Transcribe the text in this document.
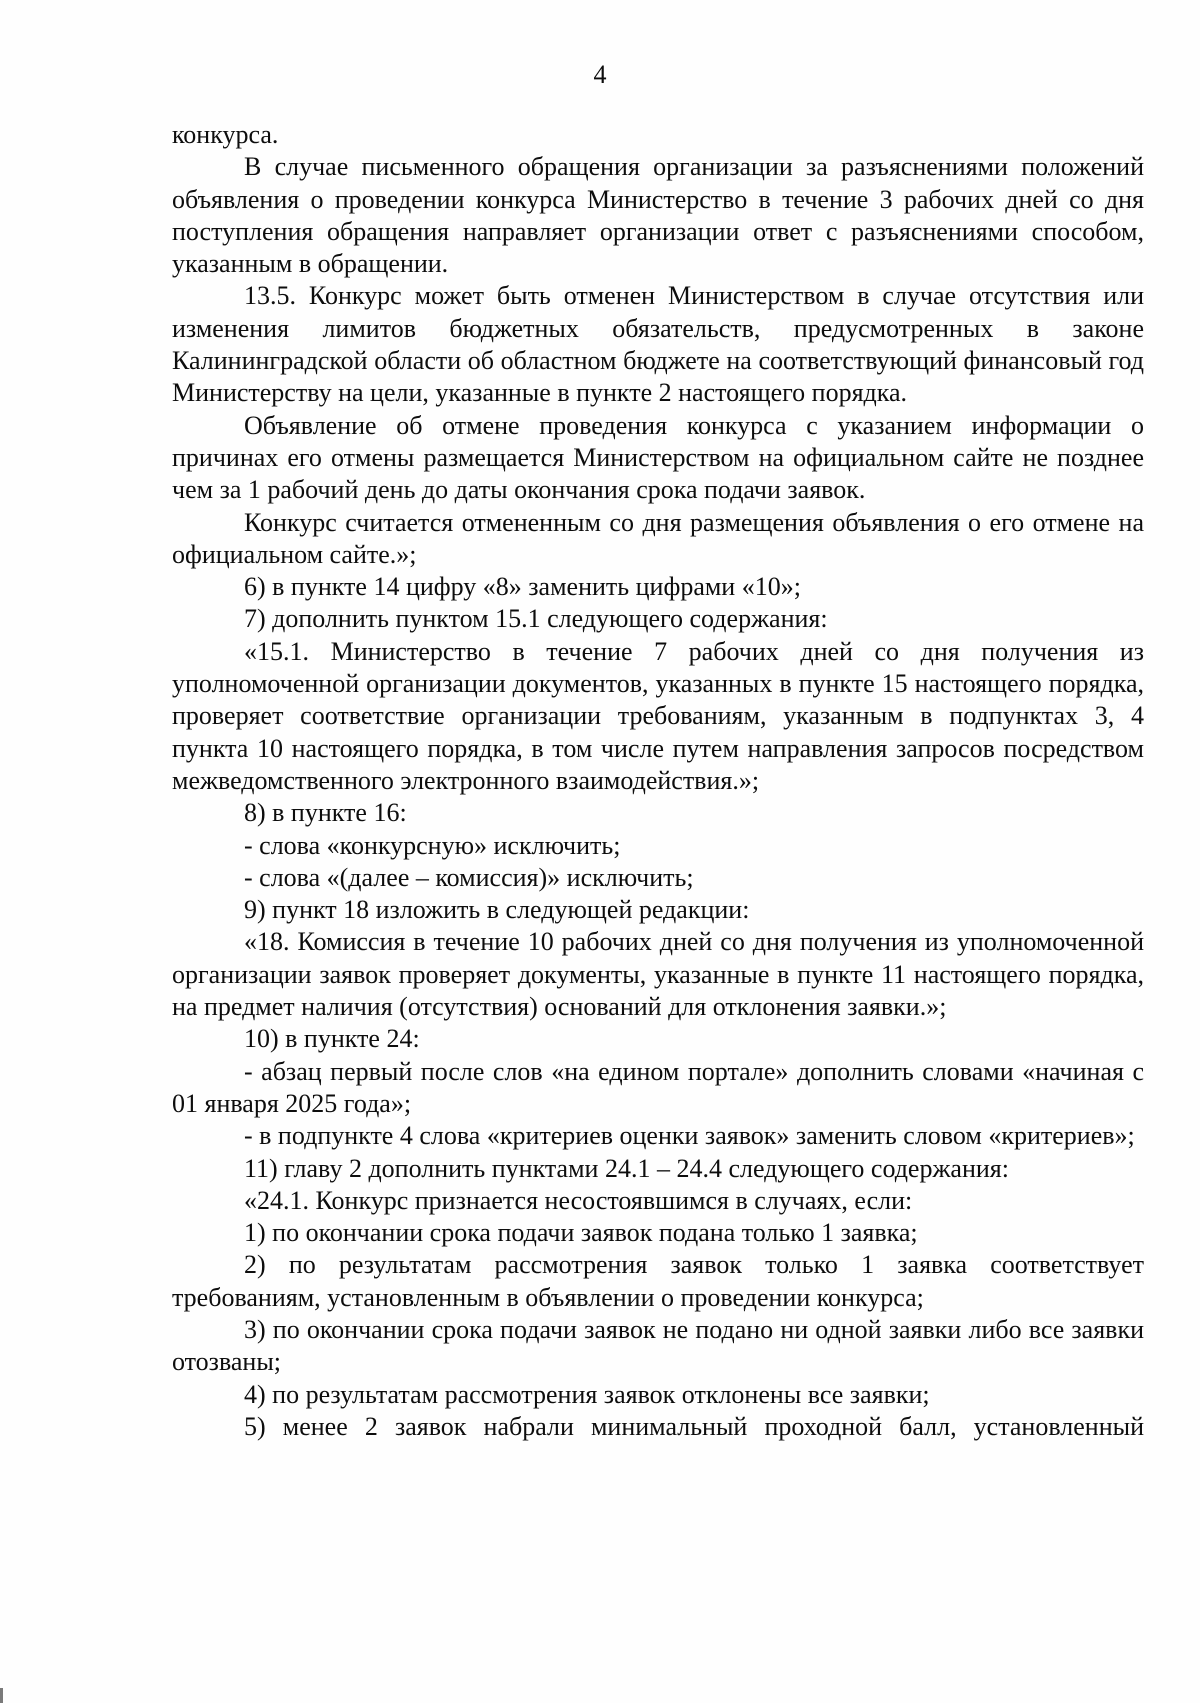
4

конкурса.

В случае письменного обращения организации за разъяснениями положений объявления о проведении конкурса Министерство в течение 3 рабочих дней со дня поступления обращения направляет организации ответ с разъяснениями способом, указанным в обращении.

13.5. Конкурс может быть отменен Министерством в случае отсутствия или изменения лимитов бюджетных обязательств, предусмотренных в законе Калининградской области об областном бюджете на соответствующий финансовый год Министерству на цели, указанные в пункте 2 настоящего порядка.

Объявление об отмене проведения конкурса с указанием информации о причинах его отмены размещается Министерством на официальном сайте не позднее чем за 1 рабочий день до даты окончания срока подачи заявок.

Конкурс считается отмененным со дня размещения объявления о его отмене на официальном сайте.»;

6) в пункте 14 цифру «8» заменить цифрами «10»;

7) дополнить пунктом 15.1 следующего содержания:

«15.1. Министерство в течение 7 рабочих дней со дня получения из уполномоченной организации документов, указанных в пункте 15 настоящего порядка, проверяет соответствие организации требованиям, указанным в подпунктах 3, 4 пункта 10 настоящего порядка, в том числе путем направления запросов посредством межведомственного электронного взаимодействия.»;

8) в пункте 16:

- слова «конкурсную» исключить;

- слова «(далее – комиссия)» исключить;

9) пункт 18 изложить в следующей редакции:

«18. Комиссия в течение 10 рабочих дней со дня получения из уполномоченной организации заявок проверяет документы, указанные в пункте 11 настоящего порядка, на предмет наличия (отсутствия) оснований для отклонения заявки.»;

10) в пункте 24:

- абзац первый после слов «на едином портале» дополнить словами «начиная с 01 января 2025 года»;

- в подпункте 4 слова «критериев оценки заявок» заменить словом «критериев»;

11) главу 2 дополнить пунктами 24.1 – 24.4 следующего содержания:

«24.1. Конкурс признается несостоявшимся в случаях, если:

1) по окончании срока подачи заявок подана только 1 заявка;

2) по результатам рассмотрения заявок только 1 заявка соответствует требованиям, установленным в объявлении о проведении конкурса;

3) по окончании срока подачи заявок не подано ни одной заявки либо все заявки отозваны;

4) по результатам рассмотрения заявок отклонены все заявки;

5) менее 2 заявок набрали минимальный проходной балл, установленный
